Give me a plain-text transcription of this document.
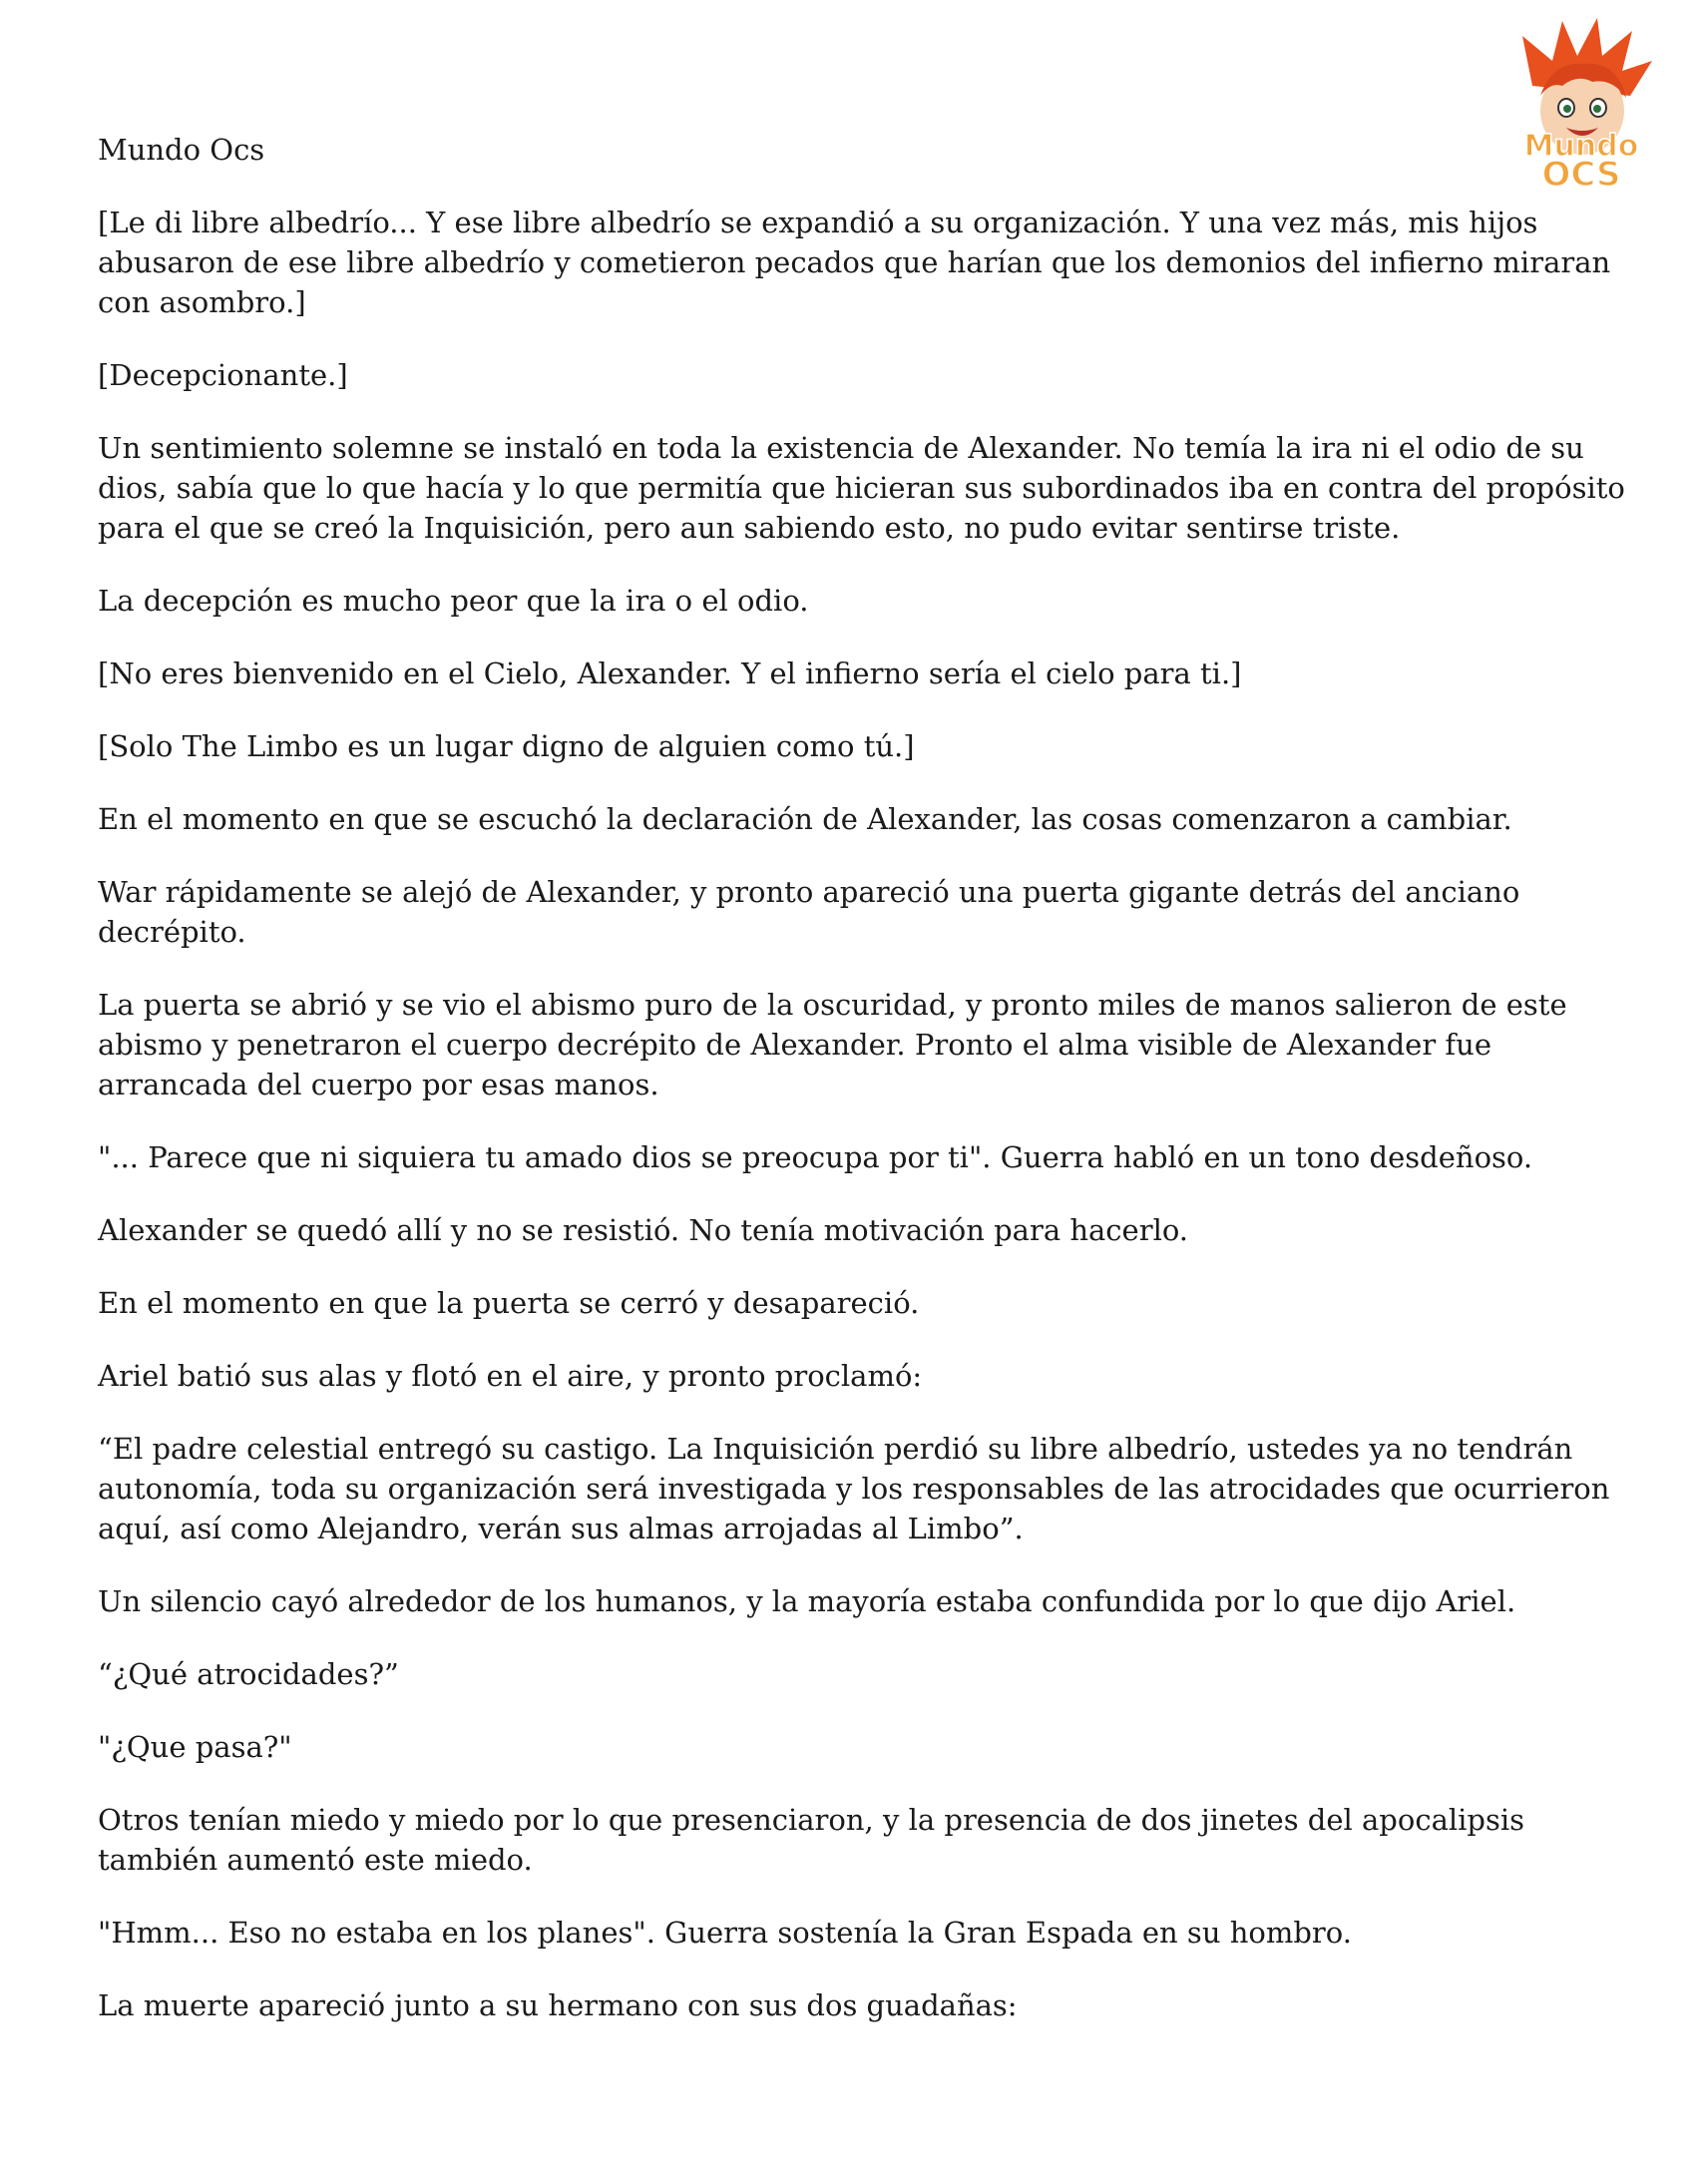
Mundo
OCS

Mundo Ocs

[Le di libre albedrío... Y ese libre albedrío se expandió a su organización. Y una vez más, mis hijos abusaron de ese libre albedrío y cometieron pecados que harían que los demonios del infierno miraran con asombro.]

[Decepcionante.]

Un sentimiento solemne se instaló en toda la existencia de Alexander. No temía la ira ni el odio de su dios, sabía que lo que hacía y lo que permitía que hicieran sus subordinados iba en contra del propósito para el que se creó la Inquisición, pero aun sabiendo esto, no pudo evitar sentirse triste.

La decepción es mucho peor que la ira o el odio.

[No eres bienvenido en el Cielo, Alexander. Y el infierno sería el cielo para ti.]

[Solo The Limbo es un lugar digno de alguien como tú.]

En el momento en que se escuchó la declaración de Alexander, las cosas comenzaron a cambiar.

War rápidamente se alejó de Alexander, y pronto apareció una puerta gigante detrás del anciano decrépito.

La puerta se abrió y se vio el abismo puro de la oscuridad, y pronto miles de manos salieron de este abismo y penetraron el cuerpo decrépito de Alexander. Pronto el alma visible de Alexander fue arrancada del cuerpo por esas manos.

"... Parece que ni siquiera tu amado dios se preocupa por ti". Guerra habló en un tono desdeñoso.

Alexander se quedó allí y no se resistió. No tenía motivación para hacerlo.

En el momento en que la puerta se cerró y desapareció.

Ariel batió sus alas y flotó en el aire, y pronto proclamó:

“El padre celestial entregó su castigo. La Inquisición perdió su libre albedrío, ustedes ya no tendrán autonomía, toda su organización será investigada y los responsables de las atrocidades que ocurrieron aquí, así como Alejandro, verán sus almas arrojadas al Limbo”.

Un silencio cayó alrededor de los humanos, y la mayoría estaba confundida por lo que dijo Ariel.

“¿Qué atrocidades?”

"¿Que pasa?"

Otros tenían miedo y miedo por lo que presenciaron, y la presencia de dos jinetes del apocalipsis también aumentó este miedo.

"Hmm... Eso no estaba en los planes". Guerra sostenía la Gran Espada en su hombro.

La muerte apareció junto a su hermano con sus dos guadañas:
